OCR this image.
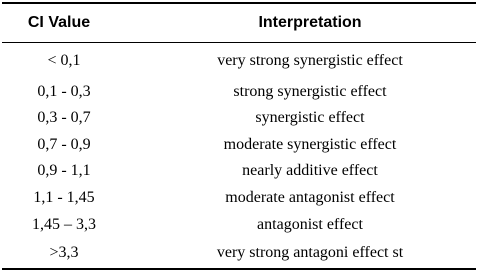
CI Value	Interpretation
< 0,1	very strong synergistic effect
0,1 - 0,3	strong synergistic effect
0,3 - 0,7	synergistic effect
0,7 - 0,9	moderate synergistic effect
0,9 - 1,1	nearly additive effect
1,1 - 1,45	moderate antagonist effect
1,45 – 3,3	antagonist effect
>3,3	very strong antagoni effect st
